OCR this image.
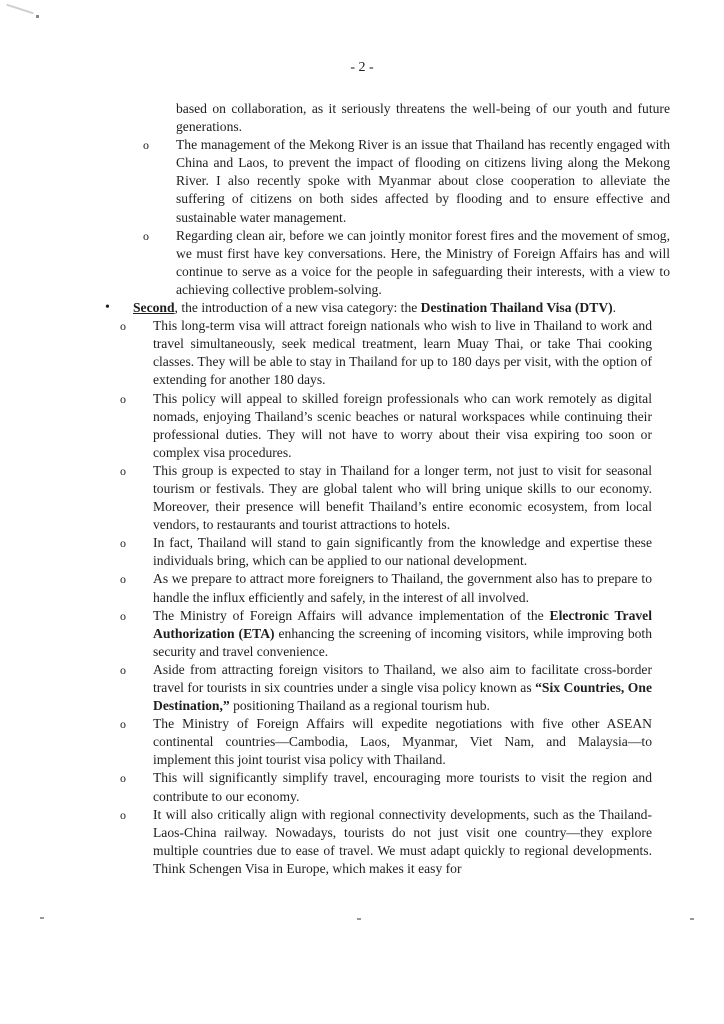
- 2 -

based on collaboration, as it seriously threatens the well-being of our youth and future generations.

o The management of the Mekong River is an issue that Thailand has recently engaged with China and Laos, to prevent the impact of flooding on citizens living along the Mekong River. I also recently spoke with Myanmar about close cooperation to alleviate the suffering of citizens on both sides affected by flooding and to ensure effective and sustainable water management.

o Regarding clean air, before we can jointly monitor forest fires and the movement of smog, we must first have key conversations. Here, the Ministry of Foreign Affairs has and will continue to serve as a voice for the people in safeguarding their interests, with a view to achieving collective problem-solving.

• Second, the introduction of a new visa category: the Destination Thailand Visa (DTV).

o This long-term visa will attract foreign nationals who wish to live in Thailand to work and travel simultaneously, seek medical treatment, learn Muay Thai, or take Thai cooking classes. They will be able to stay in Thailand for up to 180 days per visit, with the option of extending for another 180 days.

o This policy will appeal to skilled foreign professionals who can work remotely as digital nomads, enjoying Thailand’s scenic beaches or natural workspaces while continuing their professional duties. They will not have to worry about their visa expiring too soon or complex visa procedures.

o This group is expected to stay in Thailand for a longer term, not just to visit for seasonal tourism or festivals. They are global talent who will bring unique skills to our economy. Moreover, their presence will benefit Thailand’s entire economic ecosystem, from local vendors, to restaurants and tourist attractions to hotels.

o In fact, Thailand will stand to gain significantly from the knowledge and expertise these individuals bring, which can be applied to our national development.

o As we prepare to attract more foreigners to Thailand, the government also has to prepare to handle the influx efficiently and safely, in the interest of all involved.

o The Ministry of Foreign Affairs will advance implementation of the Electronic Travel Authorization (ETA) enhancing the screening of incoming visitors, while improving both security and travel convenience.

o Aside from attracting foreign visitors to Thailand, we also aim to facilitate cross-border travel for tourists in six countries under a single visa policy known as “Six Countries, One Destination,” positioning Thailand as a regional tourism hub.

o The Ministry of Foreign Affairs will expedite negotiations with five other ASEAN continental countries—Cambodia, Laos, Myanmar, Viet Nam, and Malaysia—to implement this joint tourist visa policy with Thailand.

o This will significantly simplify travel, encouraging more tourists to visit the region and contribute to our economy.

o It will also critically align with regional connectivity developments, such as the Thailand-Laos-China railway. Nowadays, tourists do not just visit one country—they explore multiple countries due to ease of travel. We must adapt quickly to regional developments. Think Schengen Visa in Europe, which makes it easy for
